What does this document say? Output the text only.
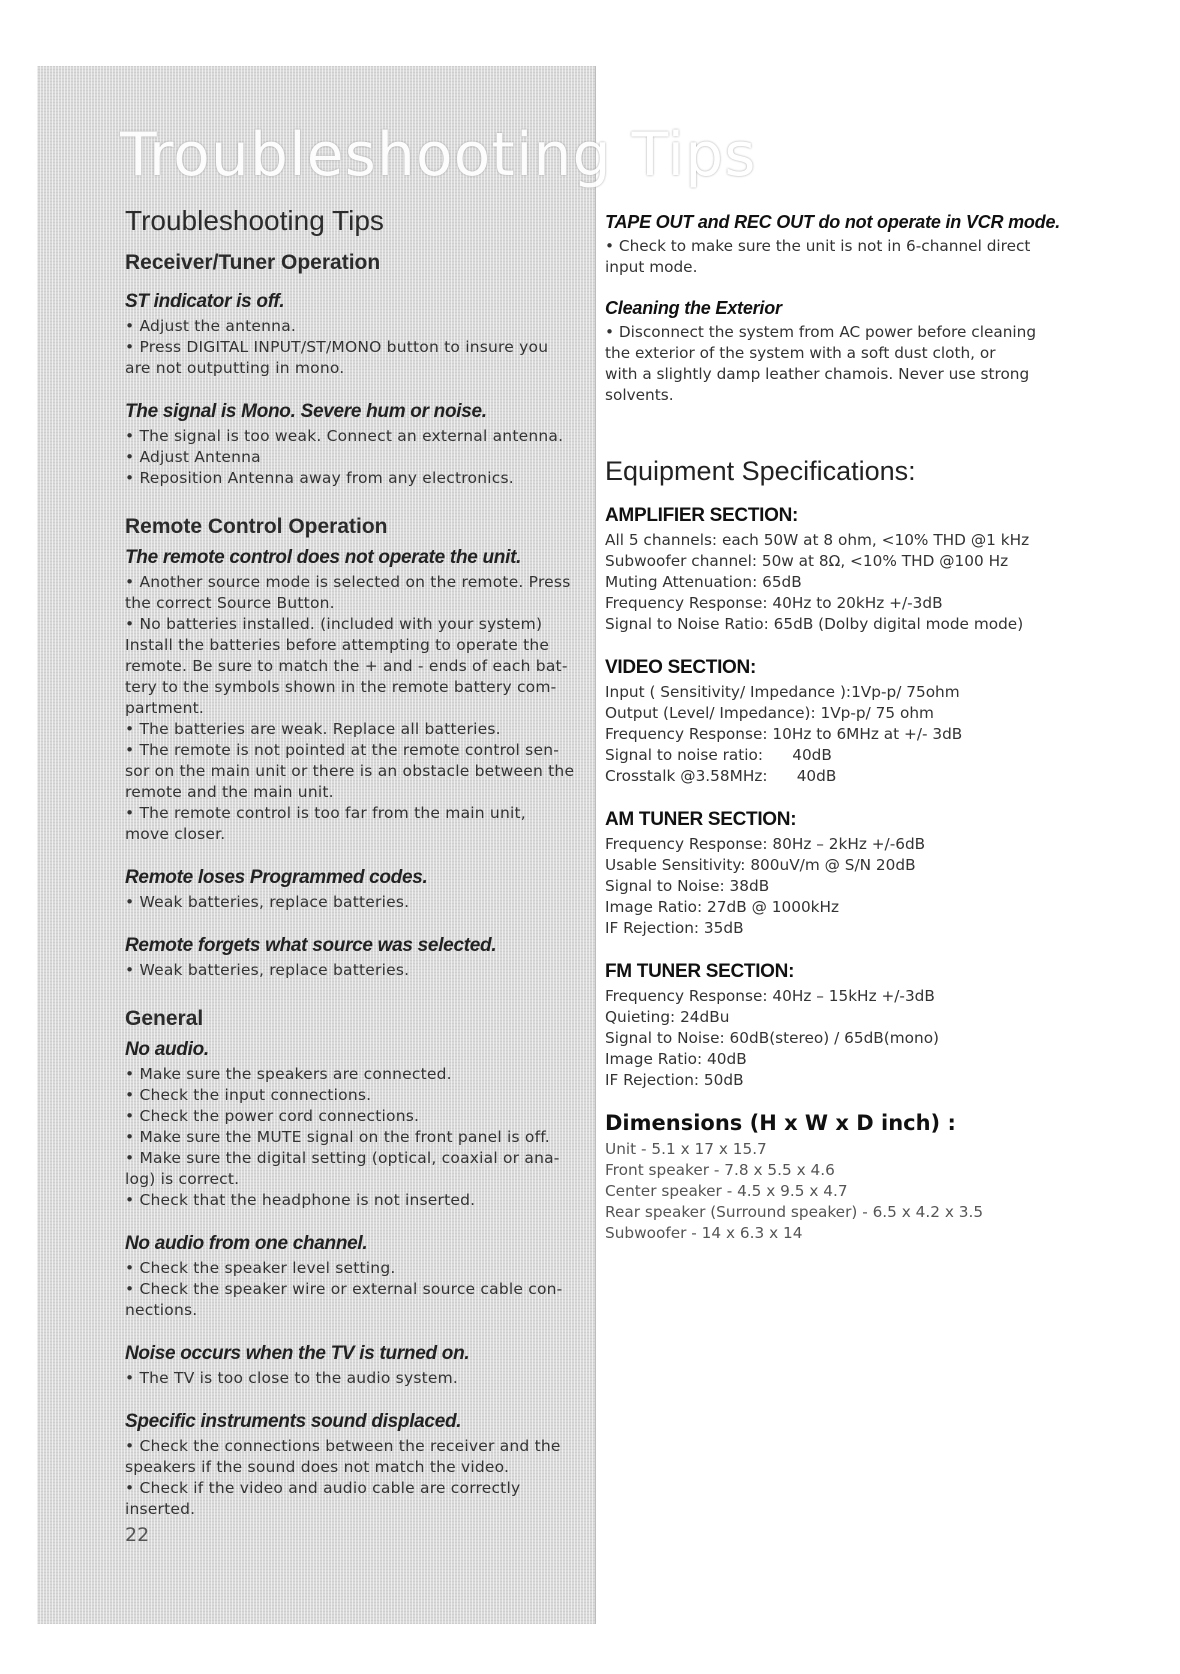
Troubleshooting Tips
Troubleshooting Tips
Receiver/Tuner Operation
ST indicator is off.

• Adjust the antenna.

• Press DIGITAL INPUT/ST/MONO button to insure you

are not outputting in mono.

The signal is Mono. Severe hum or noise.

• The signal is too weak. Connect an external antenna.

• Adjust Antenna

• Reposition Antenna away from any electronics.

Remote Control Operation
The remote control does not operate the unit.

• Another source mode is selected on the remote. Press

the correct Source Button.

• No batteries installed. (included with your system)

Install the batteries before attempting to operate the

remote. Be sure to match the + and - ends of each bat-

tery to the symbols shown in the remote battery com-

partment.

• The batteries are weak. Replace all batteries.

• The remote is not pointed at the remote control sen-

sor on the main unit or there is an obstacle between the

remote and the main unit.

• The remote control is too far from the main unit,

move closer.

Remote loses Programmed codes.

• Weak batteries, replace batteries.

Remote forgets what source was selected.

• Weak batteries, replace batteries.

General
No audio.

• Make sure the speakers are connected.

• Check the input connections.

• Check the power cord connections.

• Make sure the MUTE signal on the front panel is off.

• Make sure the digital setting (optical, coaxial or ana-

log) is correct.

• Check that the headphone is not inserted.

No audio from one channel.

• Check the speaker level setting.

• Check the speaker wire or external source cable con-

nections.

Noise occurs when the TV is turned on.

• The TV is too close to the audio system.

Specific instruments sound displaced.

• Check the connections between the receiver and the

speakers if the sound does not match the video.

• Check if the video and audio cable are correctly inserted.

22
TAPE OUT and REC OUT do not operate in VCR mode.

• Check to make sure the unit is not in 6-channel direct

input mode.

Cleaning the Exterior

• Disconnect the system from AC power before cleaning

the exterior of the system with a soft dust cloth, or

with a slightly damp leather chamois. Never use strong

solvents.

Equipment Specifications:
AMPLIFIER SECTION:

All 5 channels: each 50W at 8 ohm, <10% THD @1 kHz

Subwoofer channel: 50w at 8Ω, <10% THD @100 Hz

Muting Attenuation: 65dB

Frequency Response: 40Hz to 20kHz +/-3dB

Signal to Noise Ratio: 65dB (Dolby digital mode mode)

VIDEO SECTION:

Input ( Sensitivity/ Impedance ):1Vp-p/ 75ohm

Output (Level/ Impedance): 1Vp-p/ 75 ohm

Frequency Response: 10Hz to 6MHz at +/- 3dB

Signal to noise ratio:      40dB

Crosstalk @3.58MHz:      40dB

AM TUNER SECTION:

Frequency Response: 80Hz – 2kHz +/-6dB

Usable Sensitivity: 800uV/m @ S/N 20dB

Signal to Noise: 38dB

Image Ratio: 27dB @ 1000kHz

IF Rejection: 35dB

FM TUNER SECTION:

Frequency Response: 40Hz – 15kHz +/-3dB

Quieting: 24dBu

Signal to Noise: 60dB(stereo) / 65dB(mono)

Image Ratio: 40dB

IF Rejection: 50dB

Dimensions (H x W x D inch) :

Unit - 5.1 x 17 x 15.7

Front speaker - 7.8 x 5.5 x 4.6

Center speaker - 4.5 x 9.5 x 4.7

Rear speaker (Surround speaker) - 6.5 x 4.2 x 3.5

Subwoofer - 14 x 6.3 x 14
